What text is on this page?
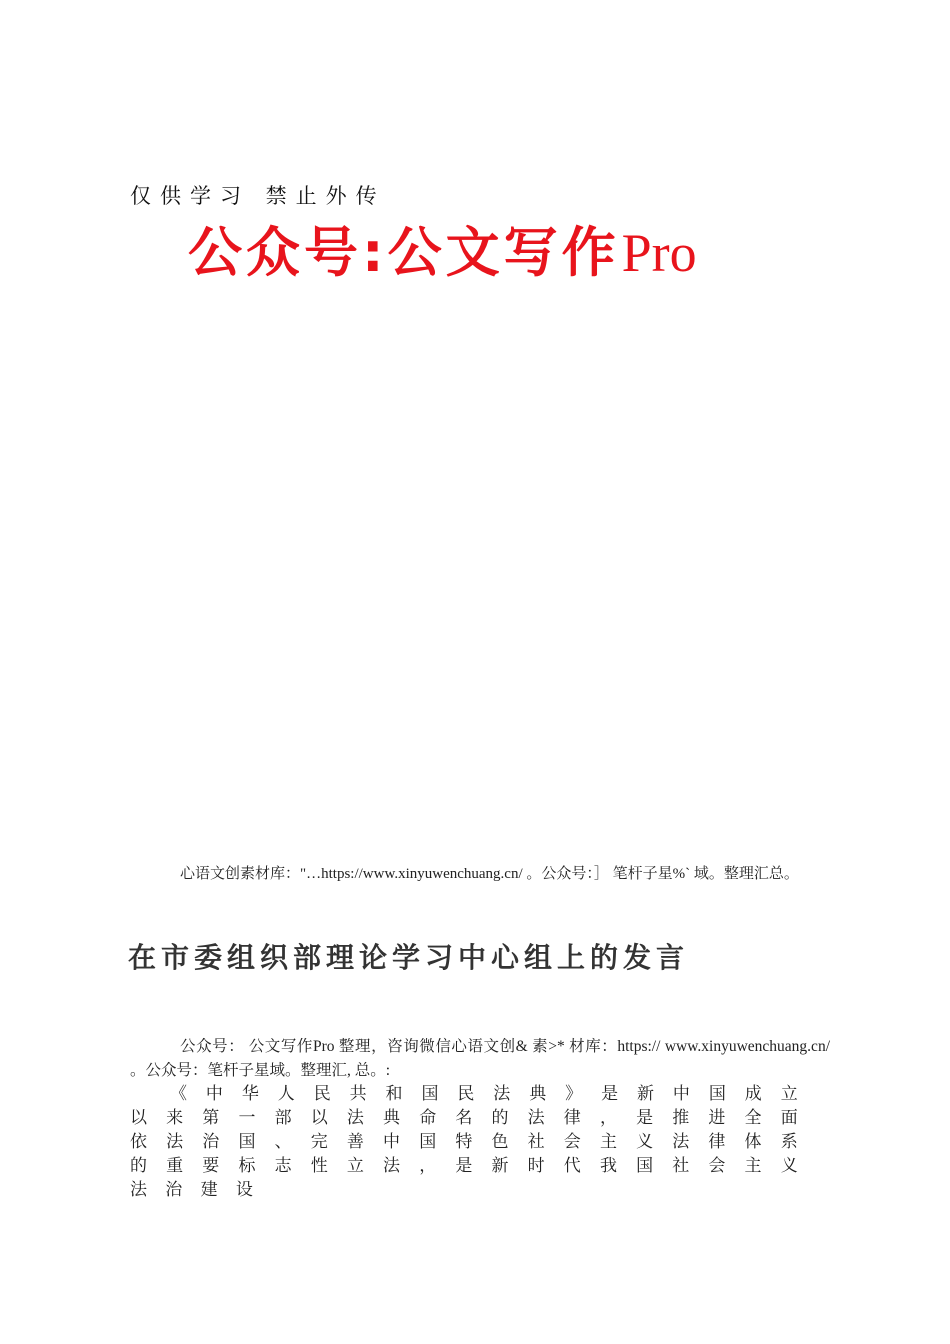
仅供学习 禁止外传
公众号:公文写作Pro
心语文创素材库："…https://www.xinyuwenchuang.cn/ 。公众号：］ 笔杆子星%` 域。整理汇总。
在市委组织部理论学习中心组上的发言
公众号： 公文写作Pro 整理，咨询微信心语文创& 素>* 材库：https:// www.xinyuwenchuang.cn/ 。公众号：笔杆子星域。整理汇, 总。:
《中华人民共和国民法典》是新中国成立以来第一部以法典命名的法律，是推进全面依法治国、完善中国特色社会主义法律体系的重要标志性立法，是新时代我国社会主义法治建设
